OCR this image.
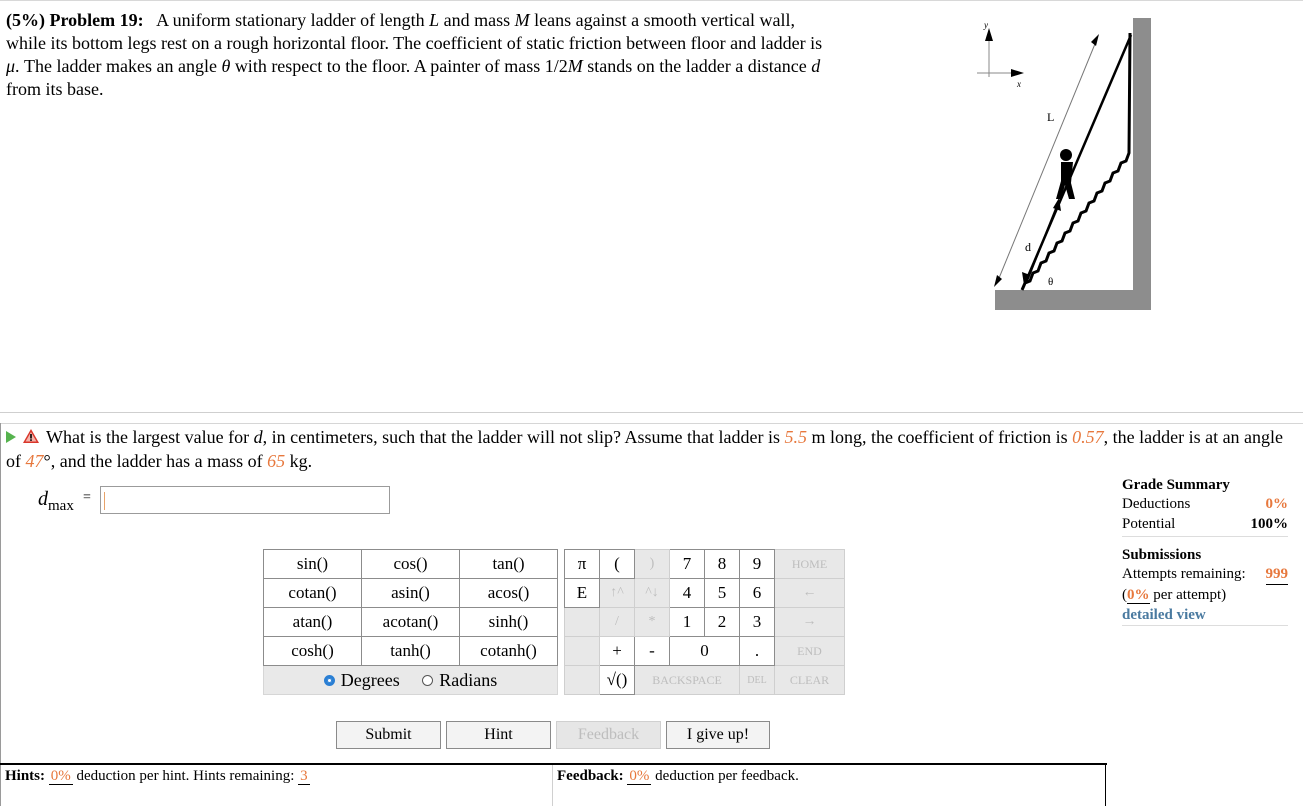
(5%) Problem 19: A uniform stationary ladder of length L and mass M leans against a smooth vertical wall, while its bottom legs rest on a rough horizontal floor. The coefficient of static friction between floor and ladder is μ. The ladder makes an angle θ with respect to the floor. A painter of mass 1/2M stands on the ladder a distance d from its base.
y
x
L
d
θ
What is the largest value for d, in centimeters, such that the ladder will not slip? Assume that ladder is 5.5 m long, the coefficient of friction is 0.57, the ladder is at an angle of 47°, and the ladder has a mass of 65 kg.
$d_{max}$
=
sin()	cos()	tan()
cotan()	asin()	acos()
atan()	acotan()	sinh()
cosh()	tanh()	cotanh()
Degrees Radians		
π	(	)	7	8	9	HOME
E	↑^	^↓	4	5	6	←
	/	*	1	2	3	→
	+	-	0		.	END
	√()	BACKSPACE			DEL	CLEAR
Submit	Hint	Feedback	I give up!
Hints: 0% deduction per hint. Hints remaining: 3	Feedback: 0% deduction per feedback.
Grade Summary
Deductions	0%
Potential	100%
Submissions
Attempts remaining: 999
(0% per attempt)
detailed view
